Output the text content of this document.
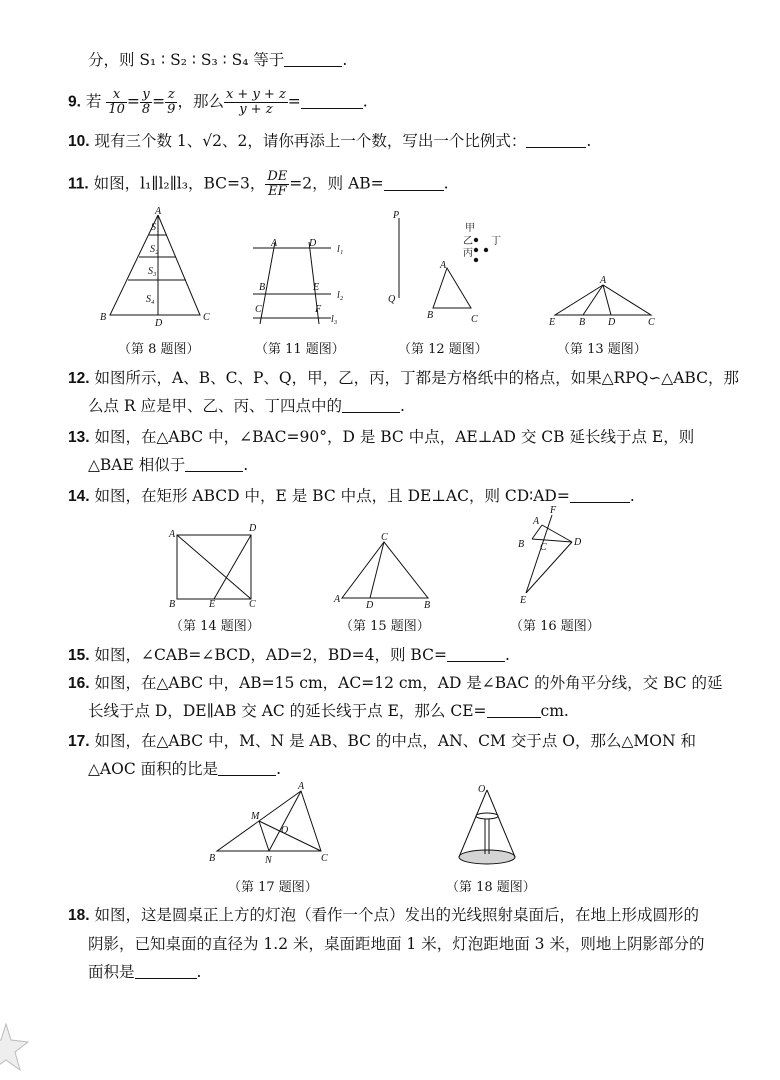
分，则 S₁ ∶ S₂ ∶ S₃ ∶ S₄ 等于	.
9. 若 $\frac{x}{10} = \frac{y}{8} = \frac{z}{9}$ ，那么 $\frac{x + y + z}{y + z}$ =	.
10. 现有三个数 1、√2、2，请你再添上一个数，写出一个比例式：	.
11. 如图，l₁∥l₂∥l₃，BC=3， $\frac{DE}{EF} =2$，则 AB=	.
A
B	C
D
S₁
S₂
S₃
S₄
（第 8 题图）
A	D
B	E
C	F
l₁
l₂
l₃
（第 11 题图）
P
Q
A
B	C
甲
乙
丙
丁
（第 12 题图）
A
E B D	C
（第 13 题图）
12. 如图所示，A、B、C、P、Q，甲，乙，丙，丁都是方格纸中的格点，如果△RPQ∽△ABC，那
么点 R 应是甲、乙、丙、丁四点中的	.
13. 如图，在△ABC 中，∠BAC=90°，D 是 BC 中点，AE⊥AD 交 CB 延长线于点 E，则
△BAE 相似于	.
14. 如图，在矩形 ABCD 中，E 是 BC 中点，且 DE⊥AC，则 CD∶AD=	.
A
D
B	E	C
（第 14 题图）
C
A
D	B
（第 15 题图）
A
F
B C	D
E
（第 16 题图）
15. 如图，∠CAB=∠BCD，AD=2，BD=4，则 BC=	.
16. 如图，在△ABC 中，AB=15 cm，AC=12 cm，AD 是∠BAC 的外角平分线，交 BC 的延
长线于点 D，DE∥AB 交 AC 的延长线于点 E，那么 CE=	cm.
17. 如图，在△ABC 中，M、N 是 AB、BC 的中点，AN、CM 交于点 O，那么△MON 和
△AOC 面积的比是	.
A
M
O
B	N	C
（第 17 题图）
O
（第 18 题图）
18. 如图，这是圆桌正上方的灯泡（看作一个点）发出的光线照射桌面后，在地上形成圆形的
阴影，已知桌面的直径为 1.2 米，桌面距地面 1 米，灯泡距地面 3 米，则地上阴影部分的
面积是	.
